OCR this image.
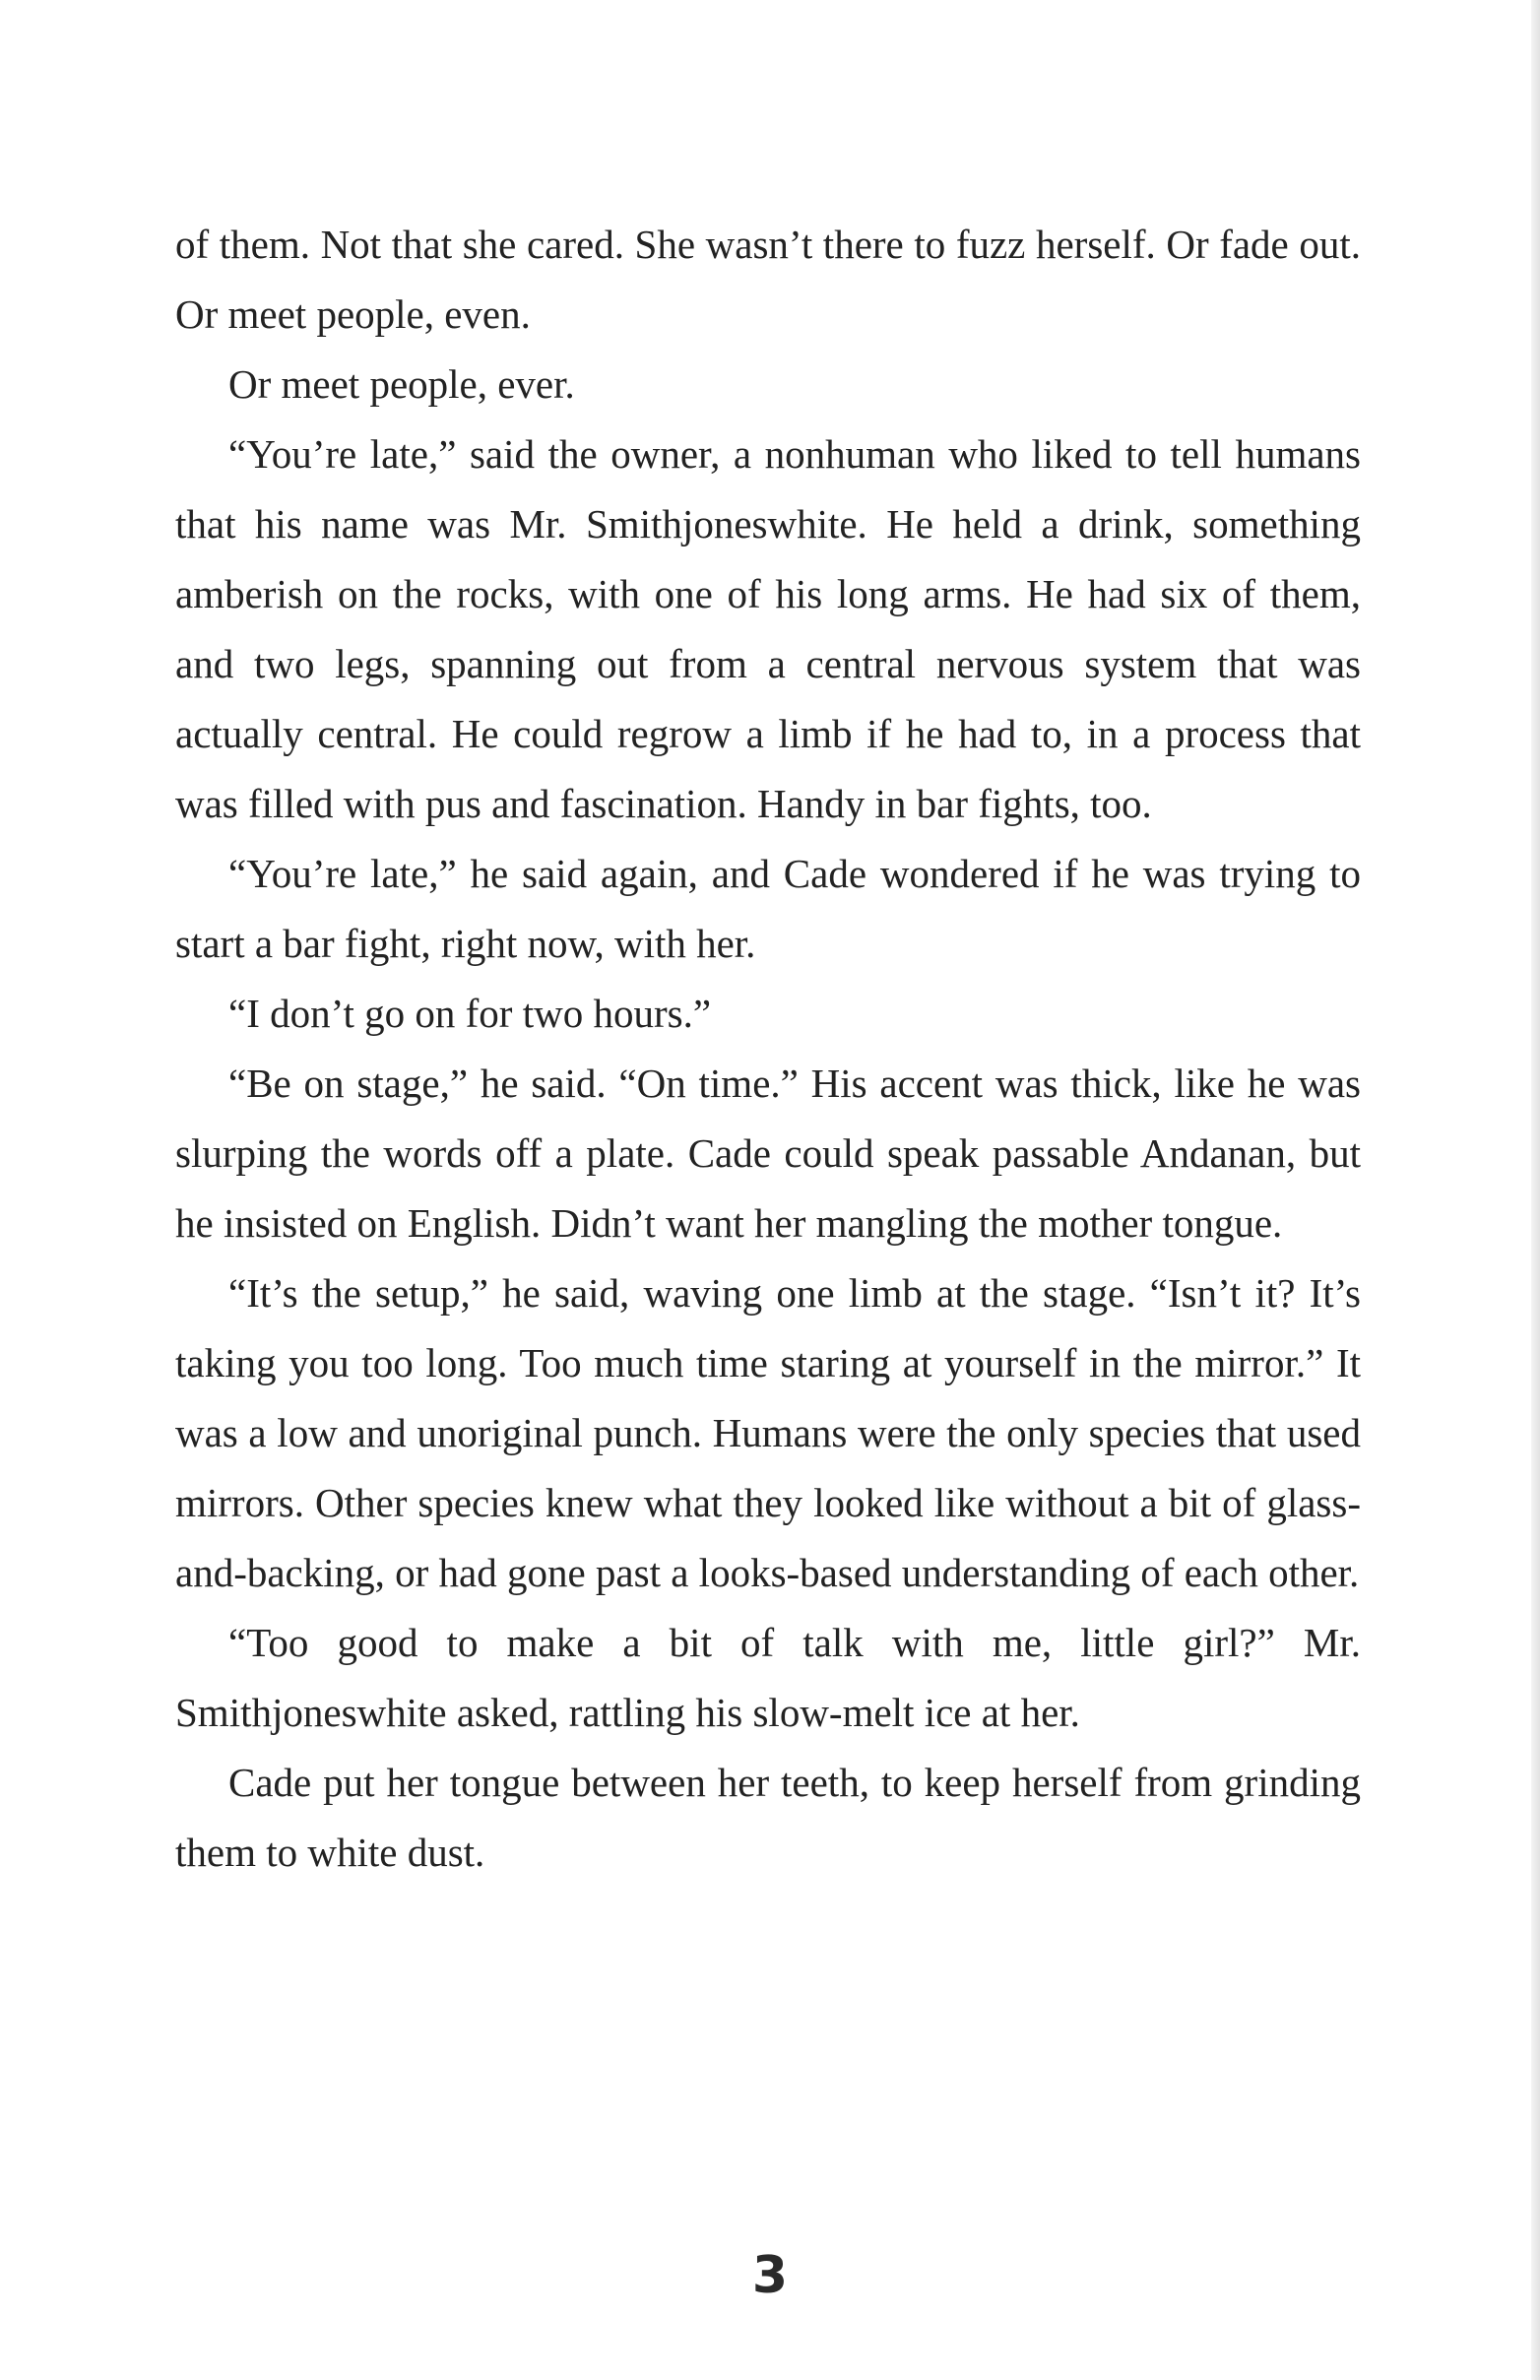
of them. Not that she cared. She wasn’t there to fuzz herself. Or fade out. Or meet people, even.

Or meet people, ever.

“You’re late,” said the owner, a nonhuman who liked to tell humans that his name was Mr. Smithjoneswhite. He held a drink, something amberish on the rocks, with one of his long arms. He had six of them, and two legs, spanning out from a central nervous system that was actually central. He could regrow a limb if he had to, in a process that was filled with pus and fascination. Handy in bar fights, too.

“You’re late,” he said again, and Cade wondered if he was trying to start a bar fight, right now, with her.

“I don’t go on for two hours.”

“Be on stage,” he said. “On time.” His accent was thick, like he was slurping the words off a plate. Cade could speak passable Andanan, but he insisted on English. Didn’t want her mangling the mother tongue.

“It’s the setup,” he said, waving one limb at the stage. “Isn’t it? It’s taking you too long. Too much time staring at yourself in the mirror.” It was a low and unoriginal punch. Humans were the only species that used mirrors. Other species knew what they looked like without a bit of glass-and-backing, or had gone past a looks-based understanding of each other.

“Too good to make a bit of talk with me, little girl?” Mr. Smithjoneswhite asked, rattling his slow-melt ice at her.

Cade put her tongue between her teeth, to keep herself from grinding them to white dust.

3
